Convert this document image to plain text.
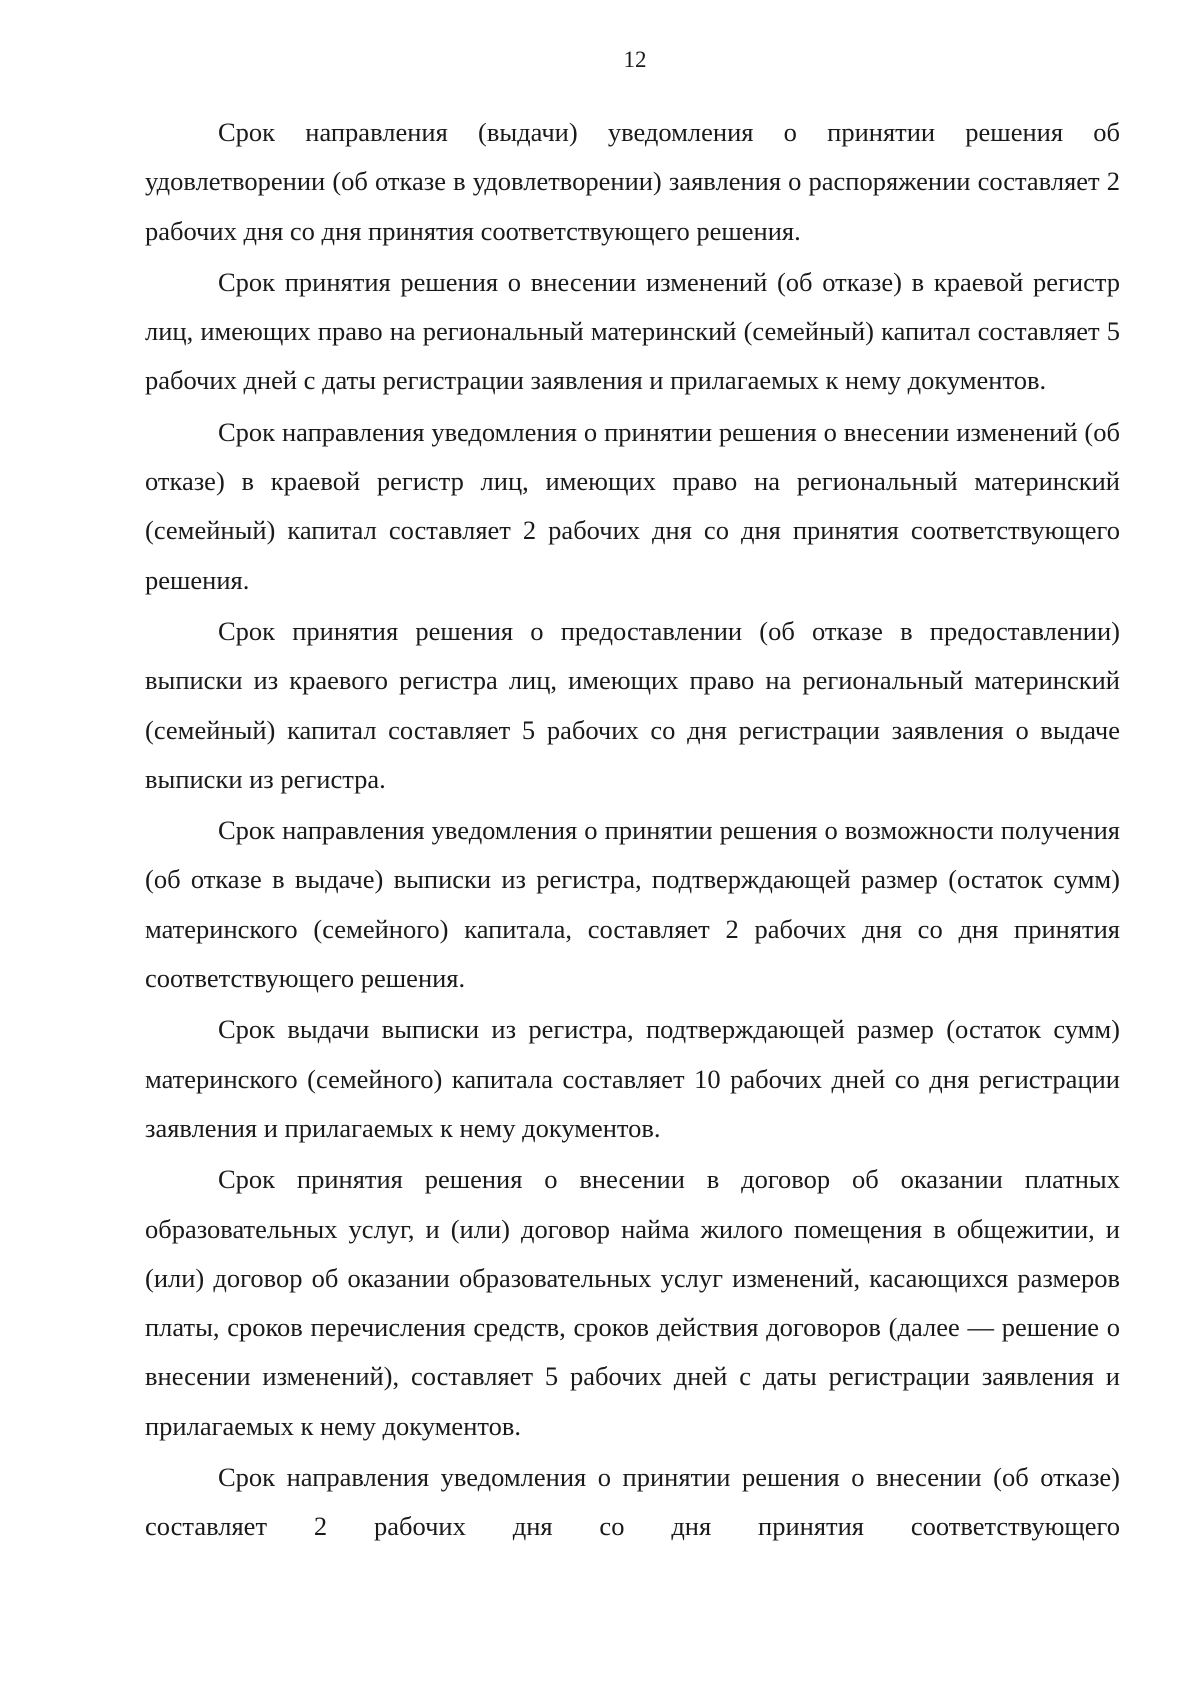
12

Срок направления (выдачи) уведомления о принятии решения об удовлетворении (об отказе в удовлетворении) заявления о распоряжении составляет 2 рабочих дня со дня принятия соответствующего решения.

Срок принятия решения о внесении изменений (об отказе) в краевой регистр лиц, имеющих право на региональный материнский (семейный) капитал составляет 5 рабочих дней с даты регистрации заявления и прилагаемых к нему документов.

Срок направления уведомления о принятии решения о внесении изменений (об отказе) в краевой регистр лиц, имеющих право на региональный материнский (семейный) капитал составляет 2 рабочих дня со дня принятия соответствующего решения.

Срок принятия решения о предоставлении (об отказе в предоставлении) выписки из краевого регистра лиц, имеющих право на региональный материнский (семейный) капитал составляет 5 рабочих со дня регистрации заявления о выдаче выписки из регистра.

Срок направления уведомления о принятии решения о возможности получения (об отказе в выдаче) выписки из регистра, подтверждающей размер (остаток сумм) материнского (семейного) капитала, составляет 2 рабочих дня со дня принятия соответствующего решения.

Срок выдачи выписки из регистра, подтверждающей размер (остаток сумм) материнского (семейного) капитала составляет 10 рабочих дней со дня регистрации заявления и прилагаемых к нему документов.

Срок принятия решения о внесении в договор об оказании платных образовательных услуг, и (или) договор найма жилого помещения в общежитии, и (или) договор об оказании образовательных услуг изменений, касающихся размеров платы, сроков перечисления средств, сроков действия договоров (далее — решение о внесении изменений), составляет 5 рабочих дней с даты регистрации заявления и прилагаемых к нему документов.

Срок направления уведомления о принятии решения о внесении (об отказе) составляет 2 рабочих дня со дня принятия соответствующего
